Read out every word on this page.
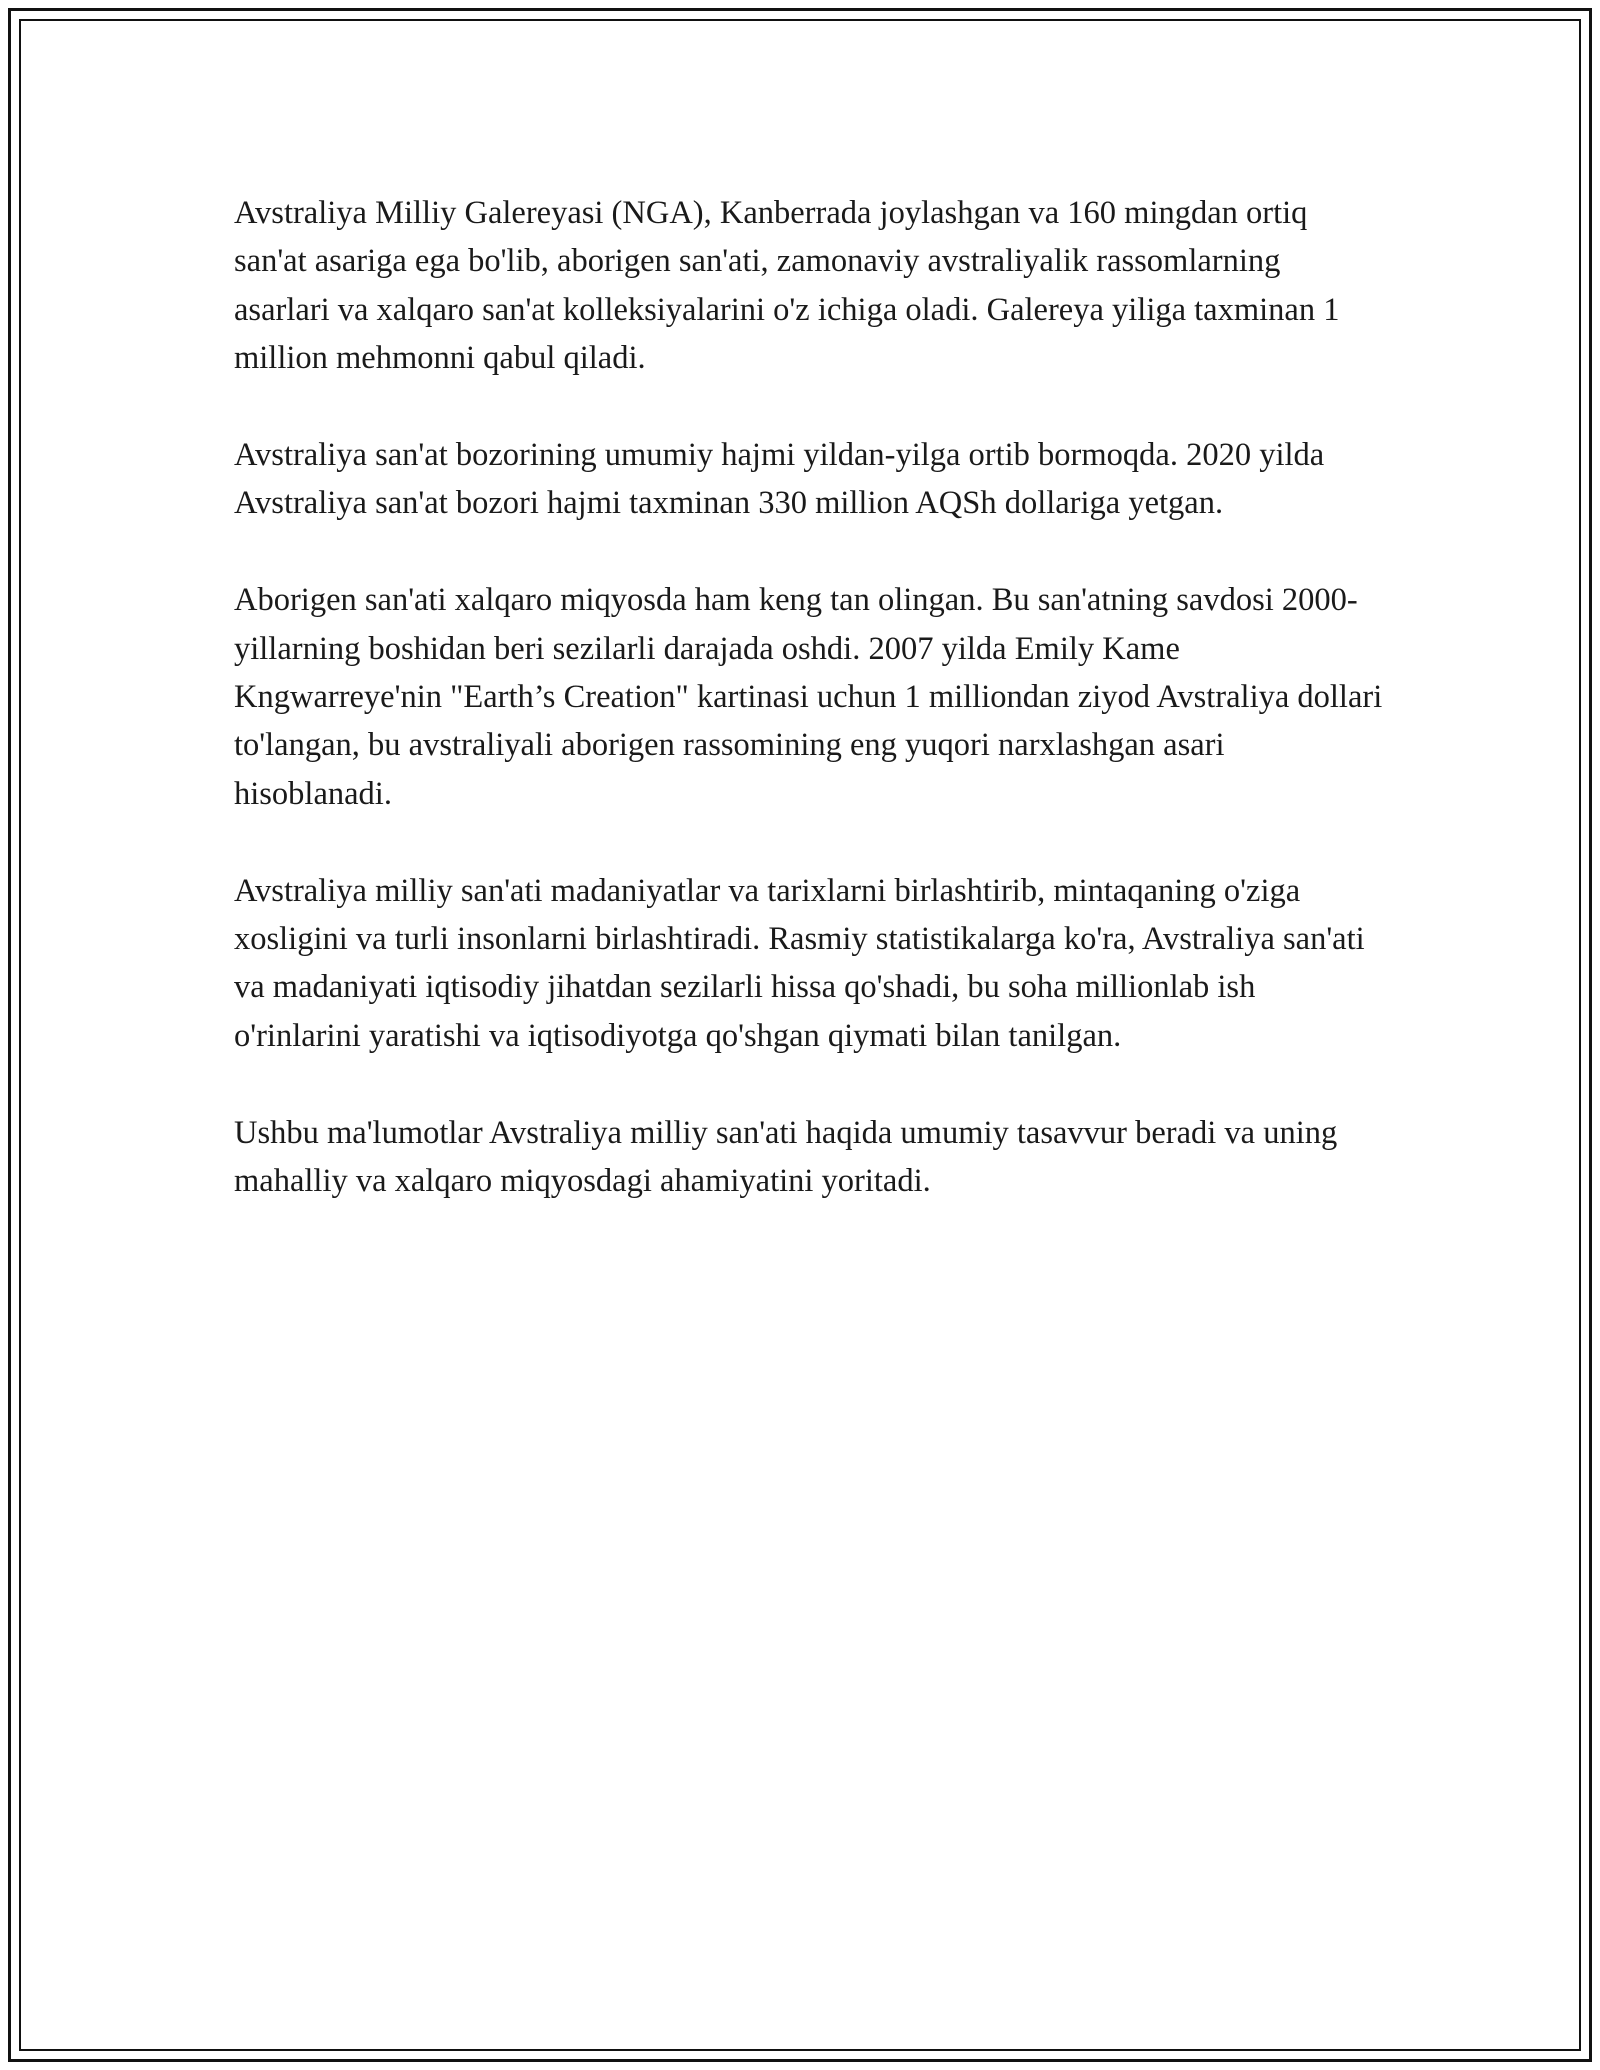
Avstraliya Milliy Galereyasi (NGA), Kanberrada joylashgan va 160 mingdan ortiq san'at asariga ega bo'lib, aborigen san'ati, zamonaviy avstraliyalik rassomlarning asarlari va xalqaro san'at kolleksiyalarini o'z ichiga oladi. Galereya yiliga taxminan 1 million mehmonni qabul qiladi.

Avstraliya san'at bozorining umumiy hajmi yildan-yilga ortib bormoqda. 2020 yilda Avstraliya san'at bozori hajmi taxminan 330 million AQSh dollariga yetgan.

Aborigen san'ati xalqaro miqyosda ham keng tan olingan. Bu san'atning savdosi 2000-yillarning boshidan beri sezilarli darajada oshdi. 2007 yilda Emily Kame Kngwarreye'nin "Earth’s Creation" kartinasi uchun 1 milliondan ziyod Avstraliya dollari to'langan, bu avstraliyali aborigen rassomining eng yuqori narxlashgan asari hisoblanadi.

Avstraliya milliy san'ati madaniyatlar va tarixlarni birlashtirib, mintaqaning o'ziga xosligini va turli insonlarni birlashtiradi. Rasmiy statistikalarga ko'ra, Avstraliya san'ati va madaniyati iqtisodiy jihatdan sezilarli hissa qo'shadi, bu soha millionlab ish o'rinlarini yaratishi va iqtisodiyotga qo'shgan qiymati bilan tanilgan.

Ushbu ma'lumotlar Avstraliya milliy san'ati haqida umumiy tasavvur beradi va uning mahalliy va xalqaro miqyosdagi ahamiyatini yoritadi.
